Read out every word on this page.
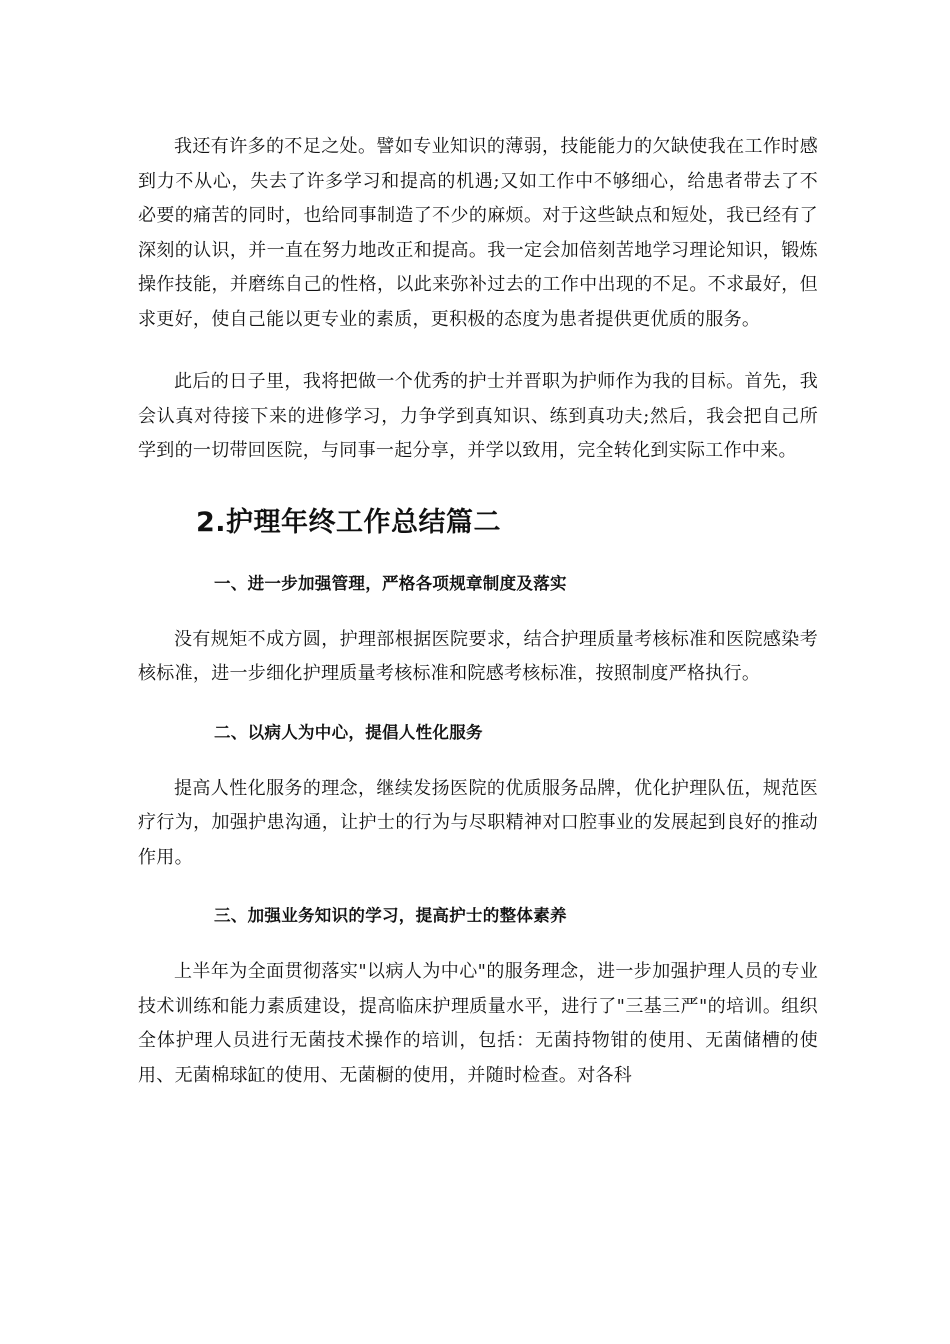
我还有许多的不足之处。譬如专业知识的薄弱，技能能力的欠缺使我在工作时感到力不从心，失去了许多学习和提高的机遇;又如工作中不够细心，给患者带去了不必要的痛苦的同时，也给同事制造了不少的麻烦。对于这些缺点和短处，我已经有了深刻的认识，并一直在努力地改正和提高。我一定会加倍刻苦地学习理论知识，锻炼操作技能，并磨练自己的性格，以此来弥补过去的工作中出现的不足。不求最好，但求更好，使自己能以更专业的素质，更积极的态度为患者提供更优质的服务。

此后的日子里，我将把做一个优秀的护士并晋职为护师作为我的目标。首先，我会认真对待接下来的进修学习，力争学到真知识、练到真功夫;然后，我会把自己所学到的一切带回医院，与同事一起分享，并学以致用，完全转化到实际工作中来。

2.护理年终工作总结篇二
一、进一步加强管理，严格各项规章制度及落实

没有规矩不成方圆，护理部根据医院要求，结合护理质量考核标准和医院感染考核标准，进一步细化护理质量考核标准和院感考核标准，按照制度严格执行。

二、以病人为中心，提倡人性化服务

提高人性化服务的理念，继续发扬医院的优质服务品牌，优化护理队伍，规范医疗行为，加强护患沟通，让护士的行为与尽职精神对口腔事业的发展起到良好的推动作用。

三、加强业务知识的学习，提高护士的整体素养

上半年为全面贯彻落实"以病人为中心"的服务理念，进一步加强护理人员的专业技术训练和能力素质建设，提高临床护理质量水平，进行了"三基三严"的培训。组织全体护理人员进行无菌技术操作的培训，包括：无菌持物钳的使用、无菌储槽的使用、无菌棉球缸的使用、无菌橱的使用，并随时检查。对各科
